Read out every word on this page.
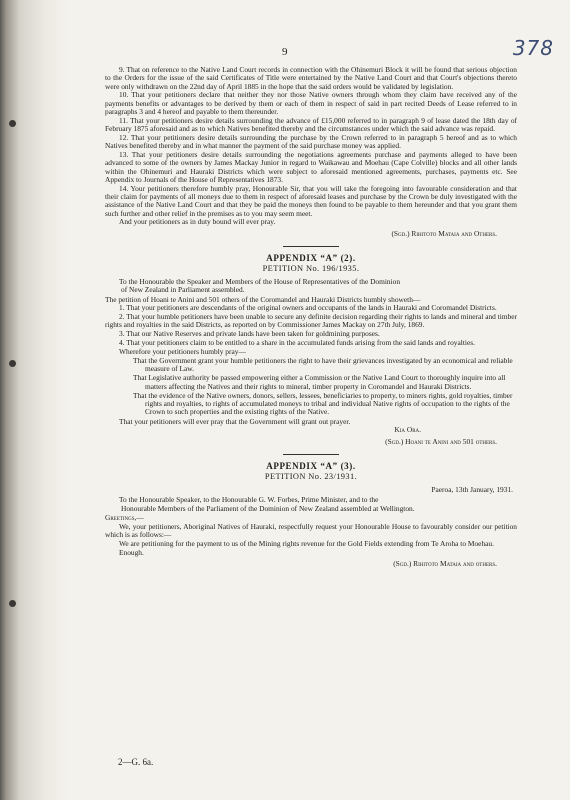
378
9

9. That on reference to the Native Land Court records in connection with the Ohinemuri Block it will be found that serious objection to the Orders for the issue of the said Certificates of Title were entertained by the Native Land Court and that Court's objections thereto were only withdrawn on the 22nd day of April 1885 in the hope that the said orders would be validated by legislation.

10. That your petitioners declare that neither they nor those Native owners through whom they claim have received any of the payments benefits or advantages to be derived by them or each of them in respect of said in part recited Deeds of Lease referred to in paragraphs 3 and 4 hereof and payable to them thereunder.

11. That your petitioners desire details surrounding the advance of £15,000 referred to in paragraph 9 of lease dated the 18th day of February 1875 aforesaid and as to which Natives benefited thereby and the circumstances under which the said advance was repaid.

12. That your petitioners desire details surrounding the purchase by the Crown referred to in paragraph 5 hereof and as to which Natives benefited thereby and in what manner the payment of the said purchase money was applied.

13. That your petitioners desire details surrounding the negotiations agreements purchase and payments alleged to have been advanced to some of the owners by James Mackay Junior in regard to Waikawau and Moehau (Cape Colville) blocks and all other lands within the Ohinemuri and Hauraki Districts which were subject to aforesaid mentioned agreements, purchases, payments etc. See Appendix to Journals of the House of Representatives 1873.

14. Your petitioners therefore humbly pray, Honourable Sir, that you will take the foregoing into favourable consideration and that their claim for payments of all moneys due to them in respect of aforesaid leases and purchase by the Crown be duly investigated with the assistance of the Native Land Court and that they be paid the moneys then found to be payable to them hereunder and that you grant them such further and other relief in the premises as to you may seem meet.

And your petitioners as in duty bound will ever pray.

(Sgd.) Rihitoto Mataia and Others.
APPENDIX “A” (2).
PETITION No. 196/1935.

To the Honourable the Speaker and Members of the House of Representatives of the Dominion
of New Zealand in Parliament assembled.

The petition of Hoani te Anini and 501 others of the Coromandel and Hauraki Districts humbly showeth—

1. That your petitioners are descendants of the original owners and occupants of the lands in Hauraki and Coromandel Districts.

2. That your humble petitioners have been unable to secure any definite decision regarding their rights to lands and mineral and timber rights and royalties in the said Districts, as reported on by Commissioner James Mackay on 27th July, 1869.

3. That our Native Reserves and private lands have been taken for goldmining purposes.

4. That your petitioners claim to be entitled to a share in the accumulated funds arising from the said lands and royalties.

Wherefore your petitioners humbly pray—

That the Government grant your humble petitioners the right to have their grievances investigated by an economical and reliable measure of Law.

That Legislative authority be passed empowering either a Commission or the Native Land Court to thoroughly inquire into all matters affecting the Natives and their rights to mineral, timber property in Coromandel and Hauraki Districts.

That the evidence of the Native owners, donors, sellers, lessees, beneficiaries to property, to miners rights, gold royalties, timber rights and royalties, to rights of accumulated moneys to tribal and individual Native rights of occupation to the rights of the Crown to such properties and the existing rights of the Native.

That your petitioners will ever pray that the Government will grant out prayer.

Kia Ora.
(Sgd.) Hoani te Anini and 501 others.
APPENDIX “A” (3).
PETITION No. 23/1931.
Paeroa, 13th January, 1931.

To the Honourable Speaker, to the Honourable G. W. Forbes, Prime Minister, and to the
Honourable Members of the Parliament of the Dominion of New Zealand assembled at Wellington.

Greetings,—

We, your petitioners, Aboriginal Natives of Hauraki, respectfully request your Honourable House to favourably consider our petition which is as follows:—

We are petitioning for the payment to us of the Mining rights revenue for the Gold Fields extending from Te Aroha to Moehau.

Enough.

(Sgd.) Rihitoto Mataia and others.
2—G. 6a.
